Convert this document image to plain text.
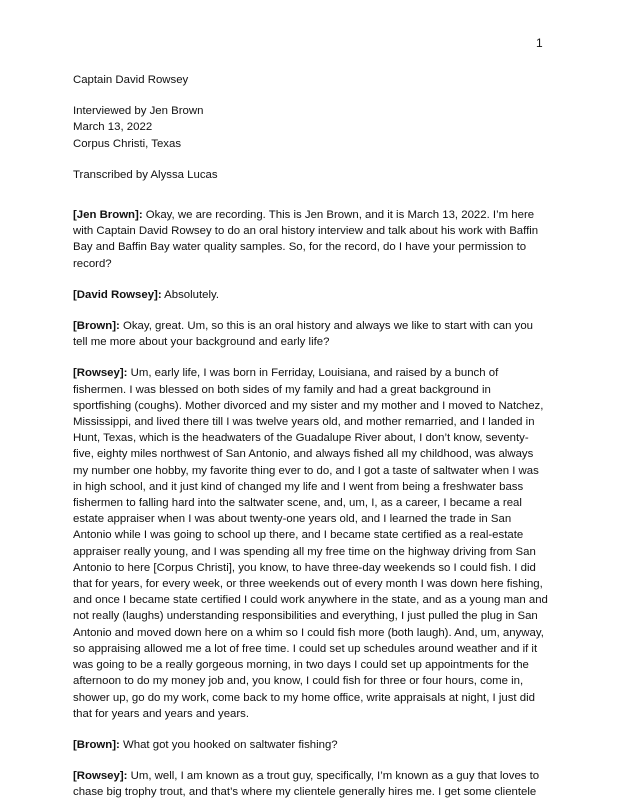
1

Captain David Rowsey

Interviewed by Jen Brown

March 13, 2022

Corpus Christi, Texas

Transcribed by Alyssa Lucas

[Jen Brown]: Okay, we are recording. This is Jen Brown, and it is March 13, 2022. I’m here with Captain David Rowsey to do an oral history interview and talk about his work with Baffin Bay and Baffin Bay water quality samples. So, for the record, do I have your permission to record?

[David Rowsey]: Absolutely.

[Brown]: Okay, great. Um, so this is an oral history and always we like to start with can you tell me more about your background and early life?

[Rowsey]: Um, early life, I was born in Ferriday, Louisiana, and raised by a bunch of fishermen. I was blessed on both sides of my family and had a great background in sportfishing (coughs). Mother divorced and my sister and my mother and I moved to Natchez, Mississippi, and lived there till I was twelve years old, and mother remarried, and I landed in Hunt, Texas, which is the headwaters of the Guadalupe River about, I don’t know, seventy-five, eighty miles northwest of San Antonio, and always fished all my childhood, was always my number one hobby, my favorite thing ever to do, and I got a taste of saltwater when I was in high school, and it just kind of changed my life and I went from being a freshwater bass fishermen to falling hard into the saltwater scene, and, um, I, as a career, I became a real estate appraiser when I was about twenty-one years old, and I learned the trade in San Antonio while I was going to school up there, and I became state certified as a real-estate appraiser really young, and I was spending all my free time on the highway driving from San Antonio to here [Corpus Christi], you know, to have three-day weekends so I could fish. I did that for years, for every week, or three weekends out of every month I was down here fishing, and once I became state certified I could work anywhere in the state, and as a young man and not really (laughs) understanding responsibilities and everything, I just pulled the plug in San Antonio and moved down here on a whim so I could fish more (both laugh). And, um, anyway, so appraising allowed me a lot of free time. I could set up schedules around weather and if it was going to be a really gorgeous morning, in two days I could set up appointments for the afternoon to do my money job and, you know, I could fish for three or four hours, come in, shower up, go do my work, come back to my home office, write appraisals at night, I just did that for years and years and years.

[Brown]: What got you hooked on saltwater fishing?

[Rowsey]: Um, well, I am known as a trout guy, specifically, I’m known as a guy that loves to chase big trophy trout, and that’s where my clientele generally hires me. I get some clientele
